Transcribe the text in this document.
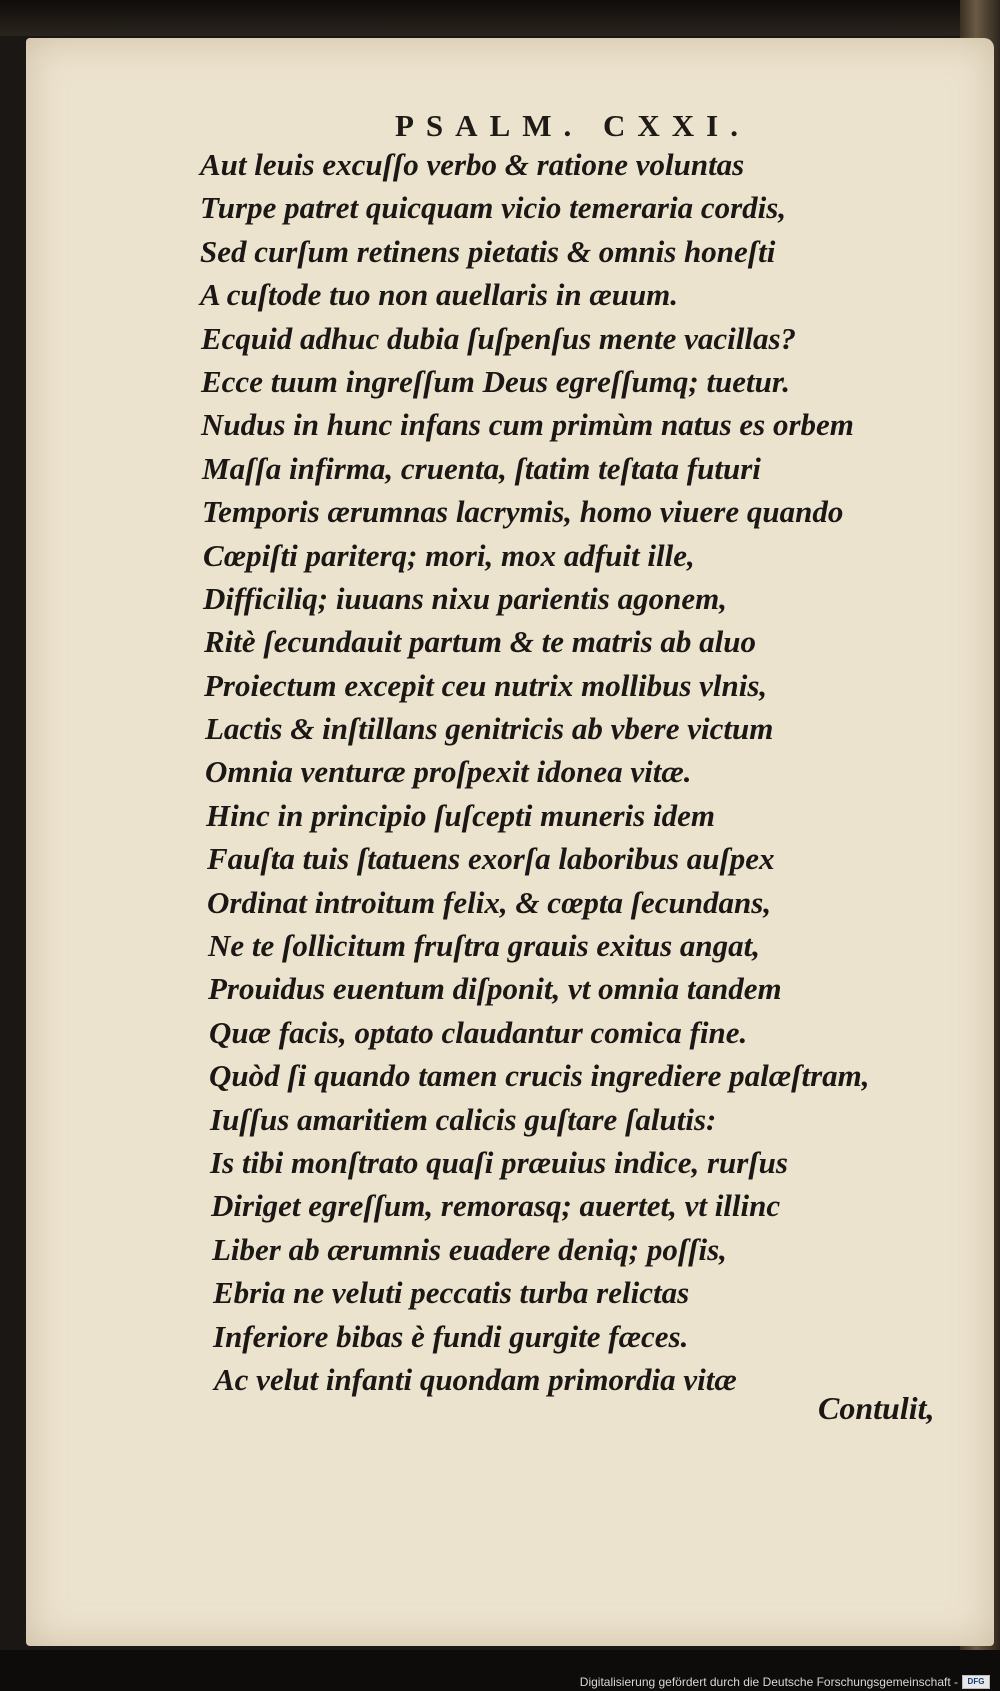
PSALM. CXXI.
Aut leuis excuſſo verbo & ratione voluntas
Turpe patret quicquam vicio temeraria cordis,
Sed curſum retinens pietatis & omnis honeſti
A cuſtode tuo non auellaris in æuum.
Ecquid adhuc dubia ſuſpenſus mente vacillas?
Ecce tuum ingreſſum Deus egreſſumq; tuetur.
Nudus in hunc infans cum primùm natus es orbem
Maſſa infirma, cruenta, ſtatim teſtata futuri
Temporis ærumnas lacrymis, homo viuere quando
Cœpiſti pariterq; mori, mox adfuit ille,
Difficiliq; iuuans nixu parientis agonem,
Ritè ſecundauit partum & te matris ab aluo
Proiectum excepit ceu nutrix mollibus vlnis,
Lactis & inſtillans genitricis ab vbere victum
Omnia venturæ proſpexit idonea vitæ.
Hinc in principio ſuſcepti muneris idem
Fauſta tuis ſtatuens exorſa laboribus auſpex
Ordinat introitum felix, & cœpta ſecundans,
Ne te ſollicitum fruſtra grauis exitus angat,
Prouidus euentum diſponit, vt omnia tandem
Quæ facis, optato claudantur comica fine.
Quòd ſi quando tamen crucis ingrediere palæſtram,
Iuſſus amaritiem calicis guſtare ſalutis:
Is tibi monſtrato quaſi præuius indice, rurſus
Diriget egreſſum, remorasq; auertet, vt illinc
Liber ab ærumnis euadere deniq; poſſis,
Ebria ne veluti peccatis turba relictas
Inferiore bibas è fundi gurgite fæces.
Ac velut infanti quondam primordia vitæ
Contulit,
Digitalisierung gefördert durch die Deutsche Forschungsgemeinschaft -	DFG
